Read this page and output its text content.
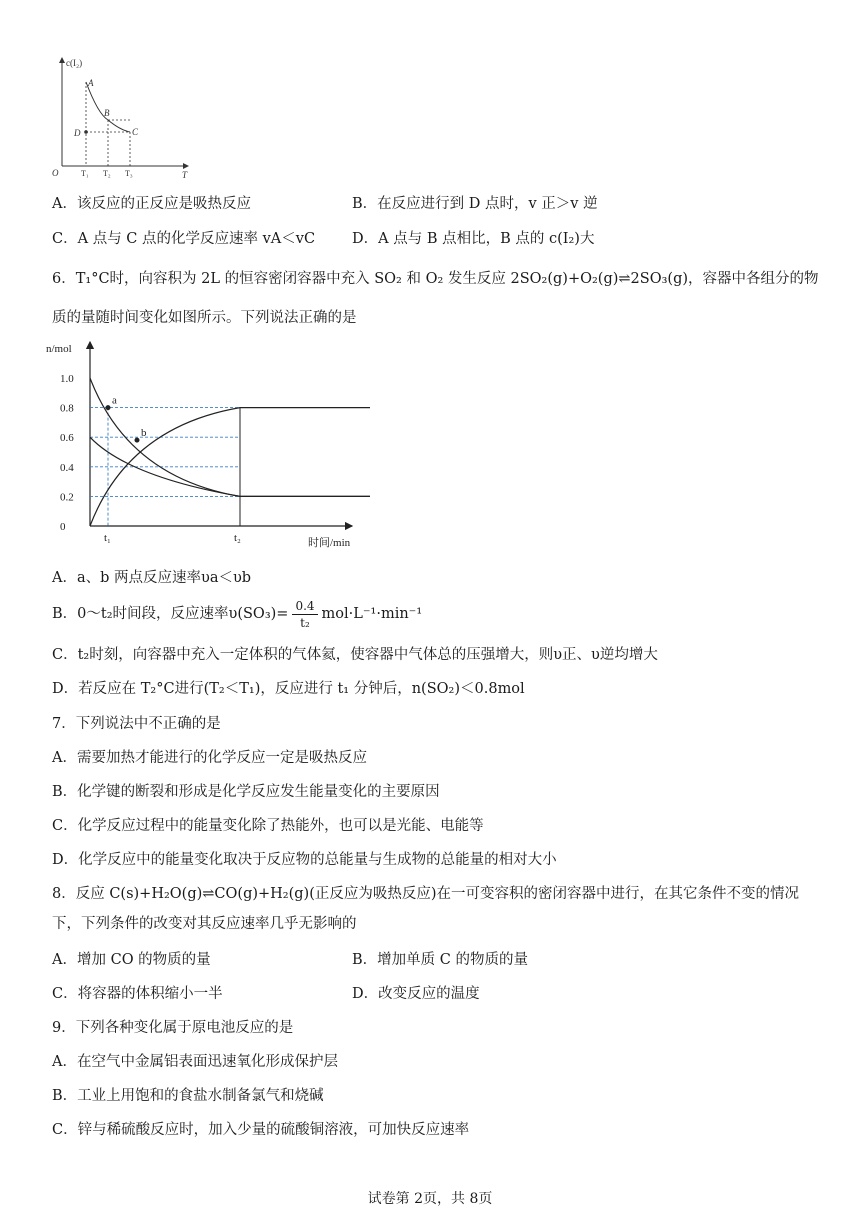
c(I₂)
T
O
A
B
C
D
T₁ T₂ T₃
A．该反应的正反应是吸热反应	B．在反应进行到 D 点时，v 正＞v 逆
C．A 点与 C 点的化学反应速率 vA＜vC	D．A 点与 B 点相比，B 点的 c(I₂)大
6．T₁°C时，向容积为 2L 的恒容密闭容器中充入 SO₂ 和 O₂ 发生反应 2SO₂(g)+O₂(g)⇌2SO₃(g)，容器中各组分的物
质的量随时间变化如图所示。下列说法正确的是
n/mol
时间/min
0
0.2
0.4
0.6
0.8
1.0
a
b
t₁	t₂
A．a、b 两点反应速率υa＜υb
B．0～t₂时间段，反应速率$\upsilon(SO_3)= \frac{0.4}{\text{t₂}} mol\cdot L^{-1}\cdot\min^{-1}$
C．t₂时刻，向容器中充入一定体积的气体氦，使容器中气体总的压强增大，则υ正、υ逆均增大
D．若反应在 T₂°C进行(T₂＜T₁)，反应进行 t₁ 分钟后，n(SO₂)＜0.8mol
7．下列说法中不正确的是
A．需要加热才能进行的化学反应一定是吸热反应
B．化学键的断裂和形成是化学反应发生能量变化的主要原因
C．化学反应过程中的能量变化除了热能外，也可以是光能、电能等
D．化学反应中的能量变化取决于反应物的总能量与生成物的总能量的相对大小
8．反应 C(s)+H₂O(g)⇌CO(g)+H₂(g)(正反应为吸热反应)在一可变容积的密闭容器中进行，在其它条件不变的情况
下，下列条件的改变对其反应速率几乎无影响的
A．增加 CO 的物质的量	B．增加单质 C 的物质的量
C．将容器的体积缩小一半	D．改变反应的温度
9．下列各种变化属于原电池反应的是
A．在空气中金属铝表面迅速氧化形成保护层
B．工业上用饱和的食盐水制备氯气和烧碱
C．锌与稀硫酸反应时，加入少量的硫酸铜溶液，可加快反应速率
试卷第 2页，共 8页
